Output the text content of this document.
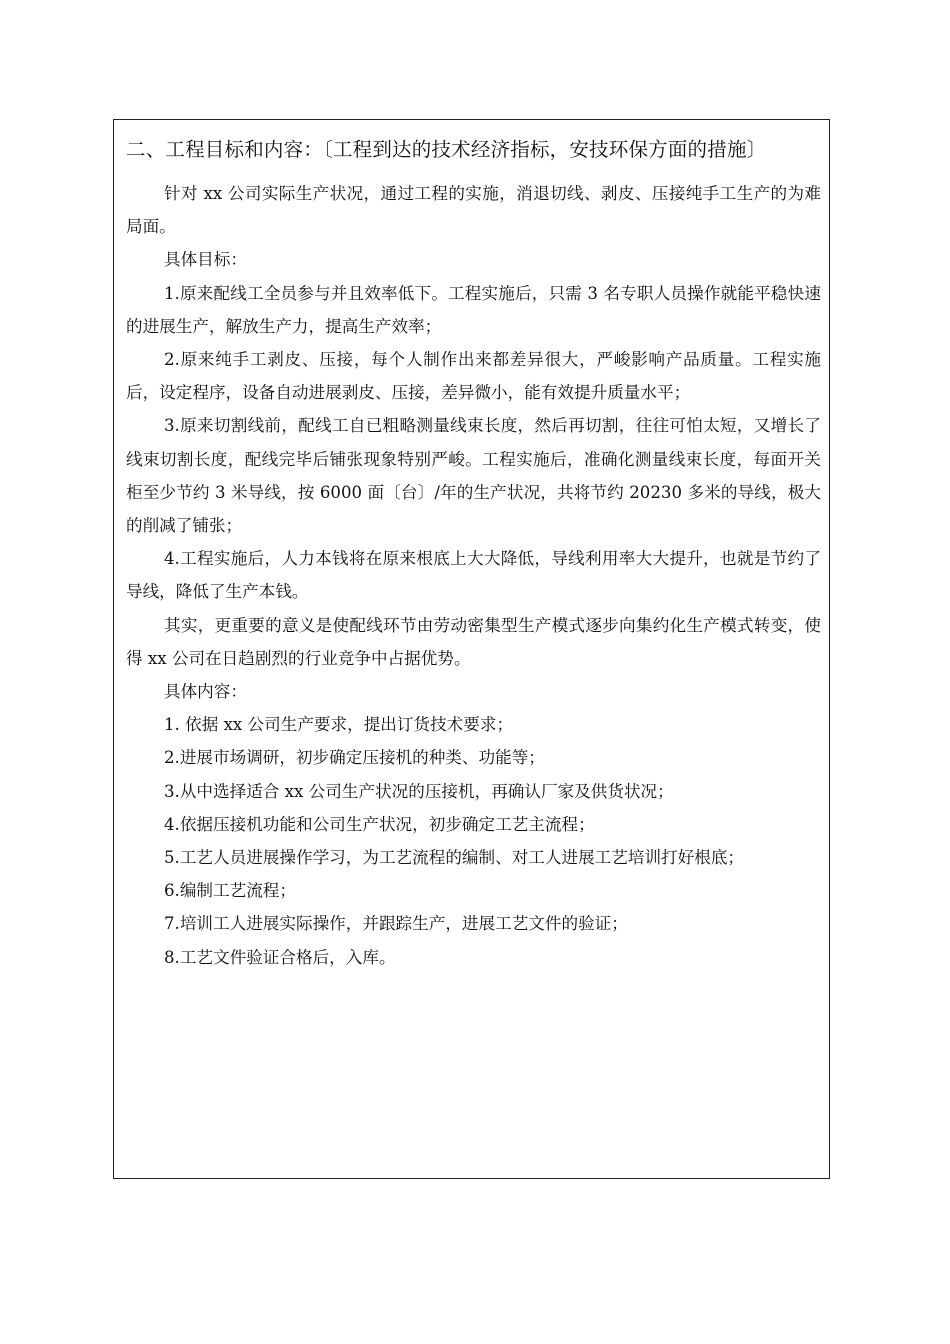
二、工程目标和内容：〔工程到达的技术经济指标，安技环保方面的措施〕

针对 xx 公司实际生产状况，通过工程的实施，消退切线、剥皮、压接纯手工生产的为难局面。

具体目标：

1.原来配线工全员参与并且效率低下。工程实施后，只需 3 名专职人员操作就能平稳快速的进展生产，解放生产力，提高生产效率；

2.原来纯手工剥皮、压接，每个人制作出来都差异很大，严峻影响产品质量。工程实施后，设定程序，设备自动进展剥皮、压接，差异微小，能有效提升质量水平；

3.原来切割线前，配线工自已粗略测量线束长度，然后再切割，往往可怕太短，又增长了线束切割长度，配线完毕后铺张现象特别严峻。工程实施后，准确化测量线束长度，每面开关柜至少节约 3 米导线，按 6000 面〔台〕/年的生产状况，共将节约 20230 多米的导线，极大的削减了铺张；

4.工程实施后，人力本钱将在原来根底上大大降低，导线利用率大大提升，也就是节约了导线，降低了生产本钱。

其实，更重要的意义是使配线环节由劳动密集型生产模式逐步向集约化生产模式转变，使得 xx 公司在日趋剧烈的行业竞争中占据优势。

具体内容：

1. 依据 xx 公司生产要求，提出订货技术要求；

2.进展市场调研，初步确定压接机的种类、功能等；

3.从中选择适合 xx 公司生产状况的压接机，再确认厂家及供货状况；

4.依据压接机功能和公司生产状况，初步确定工艺主流程；

5.工艺人员进展操作学习，为工艺流程的编制、对工人进展工艺培训打好根底；

6.编制工艺流程；

7.培训工人进展实际操作，并跟踪生产，进展工艺文件的验证；

8.工艺文件验证合格后，入库。
